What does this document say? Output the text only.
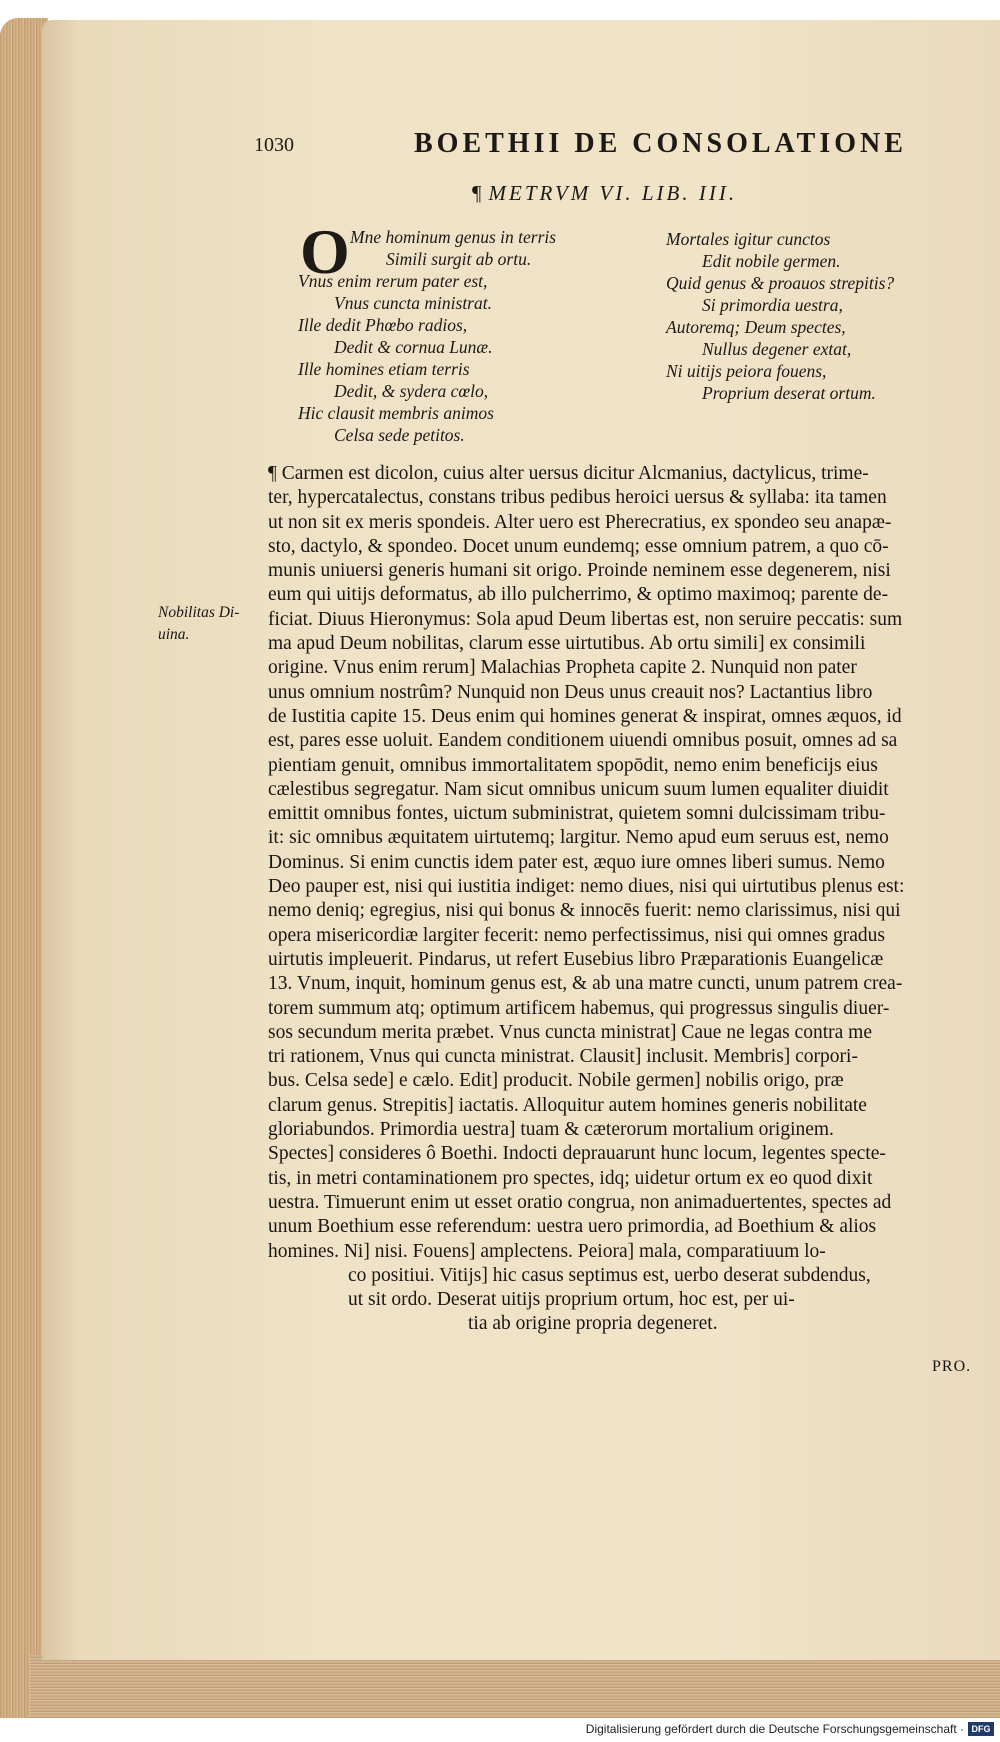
1030	BOETHII DE CONSOLATIONE
¶ METRVM VI. LIB. III.
O Mne hominum genus in terris
Simili surgit ab ortu.
Vnus enim rerum pater est,
Vnus cuncta ministrat.
Ille dedit Phœbo radios,
Dedit & cornua Lunæ.
Ille homines etiam terris
Dedit, & sydera cœlo,
Hic clausit membris animos
Celsa sede petitos.
Mortales igitur cunctos
Edit nobile germen.
Quid genus & proauos strepitis?
Si primordia uestra,
Autoremq; Deum spectes,
Nullus degener extat,
Ni uitijs peiora fouens,
Proprium deserat ortum.
Nobilitas Di-
uina.
¶ Carmen est dicolon, cuius alter uersus dicitur Alcmanius, dactylicus, trime-
ter, hypercatalectus, constans tribus pedibus heroici uersus & syllaba: ita tamen
ut non sit ex meris spondeis. Alter uero est Pherecratius, ex spondeo seu anapæ-
sto, dactylo, & spondeo. Docet unum eundemq; esse omnium patrem, a quo cō-
munis uniuersi generis humani sit origo. Proinde neminem esse degenerem, nisi
eum qui uitijs deformatus, ab illo pulcherrimo, & optimo maximoq; parente de-
ficiat. Diuus Hieronymus: Sola apud Deum libertas est, non seruire peccatis: sum
ma apud Deum nobilitas, clarum esse uirtutibus. Ab ortu simili] ex consimili
origine. Vnus enim rerum] Malachias Propheta capite 2. Nunquid non pater
unus omnium nostrûm? Nunquid non Deus unus creauit nos? Lactantius libro
de Iustitia capite 15. Deus enim qui homines generat & inspirat, omnes æquos, id
est, pares esse uoluit. Eandem conditionem uiuendi omnibus posuit, omnes ad sa
pientiam genuit, omnibus immortalitatem spopōdit, nemo enim beneficijs eius
cælestibus segregatur. Nam sicut omnibus unicum suum lumen equaliter diuidit
emittit omnibus fontes, uictum subministrat, quietem somni dulcissimam tribu-
it: sic omnibus æquitatem uirtutemq; largitur. Nemo apud eum seruus est, nemo
Dominus. Si enim cunctis idem pater est, æquo iure omnes liberi sumus. Nemo
Deo pauper est, nisi qui iustitia indiget: nemo diues, nisi qui uirtutibus plenus est:
nemo deniq; egregius, nisi qui bonus & innocēs fuerit: nemo clarissimus, nisi qui
opera misericordiæ largiter fecerit: nemo perfectissimus, nisi qui omnes gradus
uirtutis impleuerit. Pindarus, ut refert Eusebius libro Præparationis Euangelicæ
13. Vnum, inquit, hominum genus est, & ab una matre cuncti, unum patrem crea-
torem summum atq; optimum artificem habemus, qui progressus singulis diuer-
sos secundum merita præbet. Vnus cuncta ministrat] Caue ne legas contra me
tri rationem, Vnus qui cuncta ministrat. Clausit] inclusit. Membris] corpori-
bus. Celsa sede] e cælo. Edit] producit. Nobile germen] nobilis origo, præ
clarum genus. Strepitis] iactatis. Alloquitur autem homines generis nobilitate
gloriabundos. Primordia uestra] tuam & cæterorum mortalium originem.
Spectes] consideres ô Boethi. Indocti deprauarunt hunc locum, legentes specte-
tis, in metri contaminationem pro spectes, idq; uidetur ortum ex eo quod dixit
uestra. Timuerunt enim ut esset oratio congrua, non animaduertentes, spectes ad
unum Boethium esse referendum: uestra uero primordia, ad Boethium & alios
homines. Ni] nisi. Fouens] amplectens. Peiora] mala, comparatiuum lo-
co positiui. Vitijs] hic casus septimus est, uerbo deserat subdendus,
ut sit ordo. Deserat uitijs proprium ortum, hoc est, per ui-
tia ab origine propria degeneret.
PRO.
Digitalisierung gefördert durch die Deutsche Forschungsgemeinschaft · DFG
